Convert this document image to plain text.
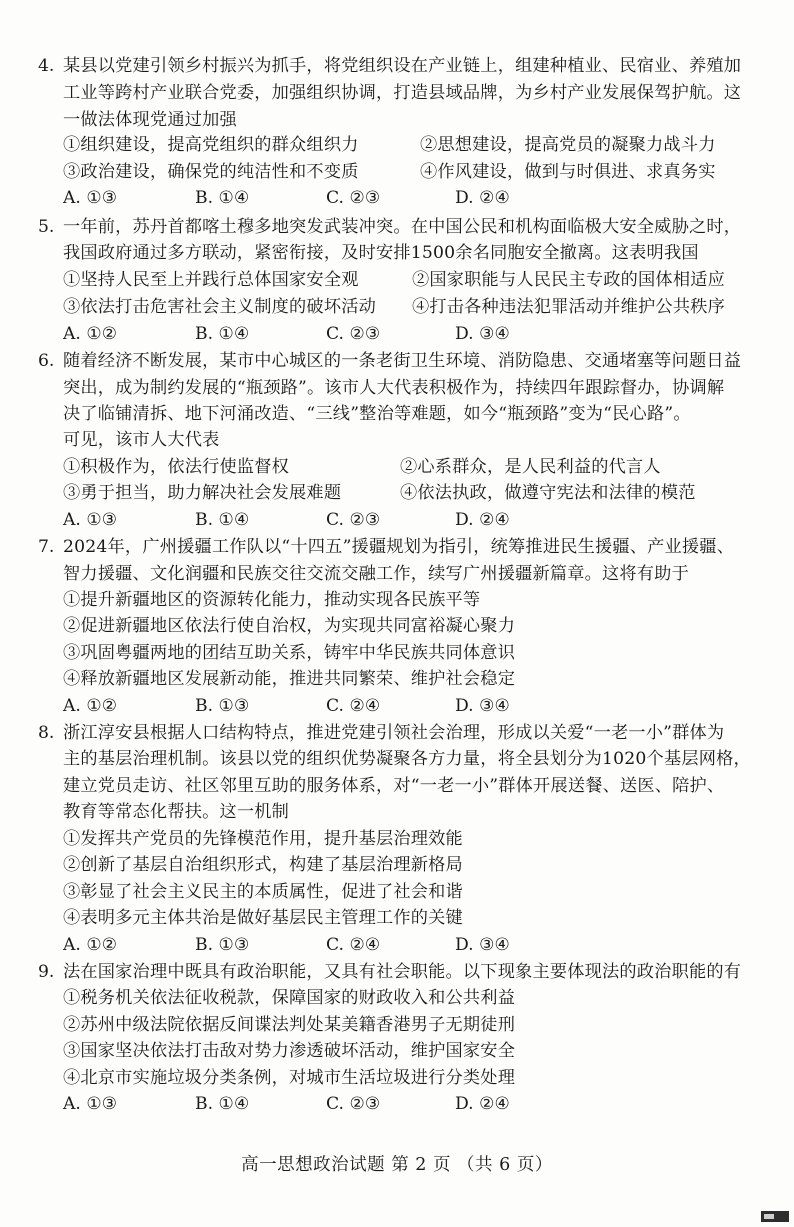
4. 某县以党建引领乡村振兴为抓手，将党组织设在产业链上，组建种植业、民宿业、养殖加
工业等跨村产业联合党委，加强组织协调，打造县域品牌，为乡村产业发展保驾护航。这
一做法体现党通过加强
①组织建设，提高党组织的群众组织力	②思想建设，提高党员的凝聚力战斗力
③政治建设，确保党的纯洁性和不变质	④作风建设，做到与时俱进、求真务实
A. ①③	B. ①④	C. ②③	D. ②④
5. 一年前，苏丹首都喀土穆多地突发武装冲突。在中国公民和机构面临极大安全威胁之时，
我国政府通过多方联动，紧密衔接，及时安排1500余名同胞安全撤离。这表明我国
①坚持人民至上并践行总体国家安全观	②国家职能与人民民主专政的国体相适应
③依法打击危害社会主义制度的破坏活动 ④打击各种违法犯罪活动并维护公共秩序
A. ①②	B. ①④	C. ②③	D. ③④
6. 随着经济不断发展，某市中心城区的一条老街卫生环境、消防隐患、交通堵塞等问题日益
突出，成为制约发展的“瓶颈路”。该市人大代表积极作为，持续四年跟踪督办，协调解
决了临铺清拆、地下河涌改造、“三线”整治等难题，如今“瓶颈路”变为“民心路”。
可见，该市人大代表
①积极作为，依法行使监督权	②心系群众，是人民利益的代言人
③勇于担当，助力解决社会发展难题	④依法执政，做遵守宪法和法律的模范
A. ①③	B. ①④	C. ②③	D. ②④
7. 2024年，广州援疆工作队以“十四五”援疆规划为指引，统筹推进民生援疆、产业援疆、
智力援疆、文化润疆和民族交往交流交融工作，续写广州援疆新篇章。这将有助于
①提升新疆地区的资源转化能力，推动实现各民族平等
②促进新疆地区依法行使自治权，为实现共同富裕凝心聚力
③巩固粤疆两地的团结互助关系，铸牢中华民族共同体意识
④释放新疆地区发展新动能，推进共同繁荣、维护社会稳定
A. ①②	B. ①③	C. ②④	D. ③④
8. 浙江淳安县根据人口结构特点，推进党建引领社会治理，形成以关爱“一老一小”群体为
主的基层治理机制。该县以党的组织优势凝聚各方力量，将全县划分为1020个基层网格，
建立党员走访、社区邻里互助的服务体系，对“一老一小”群体开展送餐、送医、陪护、
教育等常态化帮扶。这一机制
①发挥共产党员的先锋模范作用，提升基层治理效能
②创新了基层自治组织形式，构建了基层治理新格局
③彰显了社会主义民主的本质属性，促进了社会和谐
④表明多元主体共治是做好基层民主管理工作的关键
A. ①②	B. ①③	C. ②④	D. ③④
9. 法在国家治理中既具有政治职能，又具有社会职能。以下现象主要体现法的政治职能的有
①税务机关依法征收税款，保障国家的财政收入和公共利益
②苏州中级法院依据反间谍法判处某美籍香港男子无期徒刑
③国家坚决依法打击敌对势力渗透破坏活动，维护国家安全
④北京市实施垃圾分类条例，对城市生活垃圾进行分类处理
A. ①③	B. ①④	C. ②③	D. ②④
高一思想政治试题 第 2 页 （共 6 页）
